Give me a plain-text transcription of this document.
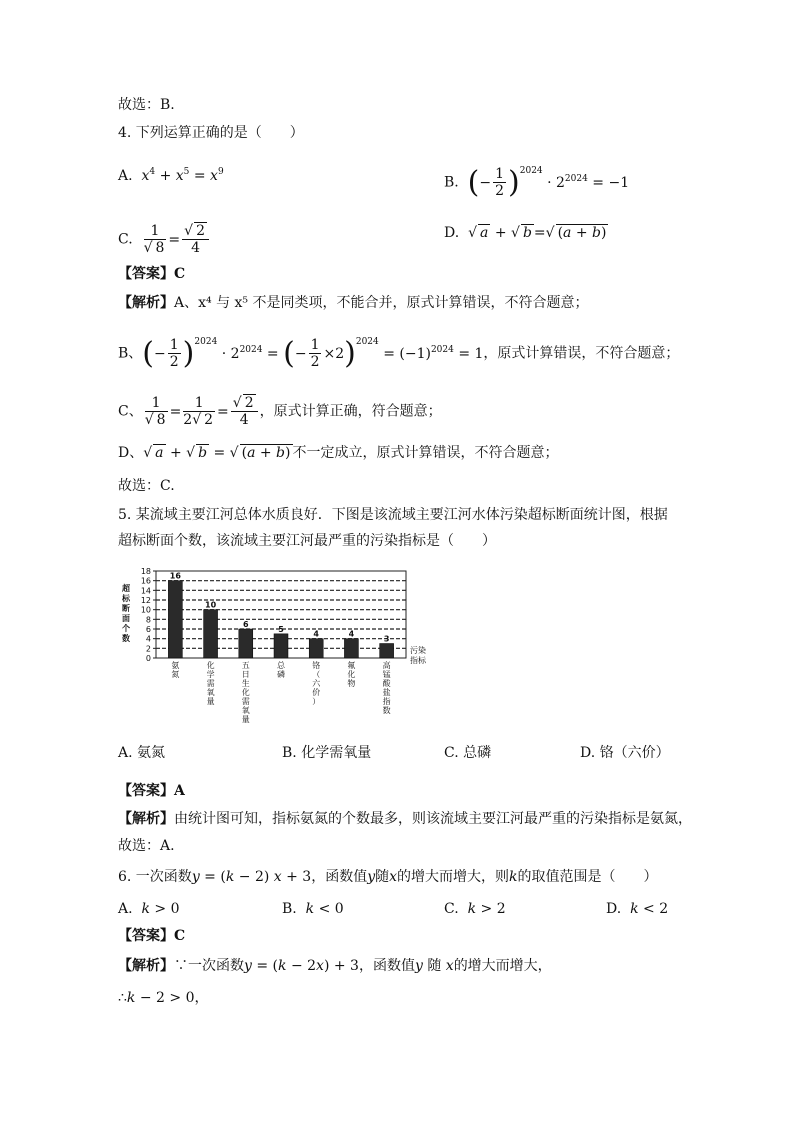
故选：B.
4. 下列运算正确的是（　　）
A. $x^4 + x^5 = x^9$
B. (− $\frac{1}{2} )^{2024} \cdot 2^{2024} = -1$
C. $\frac{1}{√ 8} = \frac{√ 2}{4}$	D. √ a + √ b =√ (a + b)
【答案】C
【解析】A、x⁴ 与 x⁵ 不是同类项，不能合并，原式计算错误，不符合题意；
B、(− $\frac{1}{2} )^{2024} \cdot 2^{2024}$ = (− $\frac{1}{2} \times 2)^{2024} = (-1)^{2024} = 1$，原式计算错误，不符合题意；
C、 $\frac{1}{√ 8} = \frac{1}{2√ 2} = \frac{√ 2}{4}$ ，原式计算正确，符合题意；
D、√ a + √ b = √ (a + b) 不一定成立，原式计算错误，不符合题意；
故选：C.
5. 某流域主要江河总体水质良好．下图是该流域主要江河水体污染超标断面统计图，根据
超标断面个数，该流域主要江河最严重的污染指标是（　　）
0
2
4
6
8
10
12
14
16
18
16
10
6
5
4	4
3
氨氮
化学需氧量
五日生化需氧量
总磷
铬（六价）
氟化物
高锰酸盐指数
超标断面个数
污染指标
A. 氨氮	B. 化学需氧量	C. 总磷	D. 铬（六价）
【答案】A
【解析】由统计图可知，指标氨氮的个数最多，则该流域主要江河最严重的污染指标是氨氮，
故选：A.
6. 一次函数y = (k − 2) x + 3，函数值y随x的增大而增大，则k的取值范围是（　　）
A. k > 0	B. k < 0	C. k > 2	D. k < 2
【答案】C
【解析】∵一次函数y = (k − 2x) + 3，函数值y 随 x的增大而增大，
∴k − 2 > 0，
